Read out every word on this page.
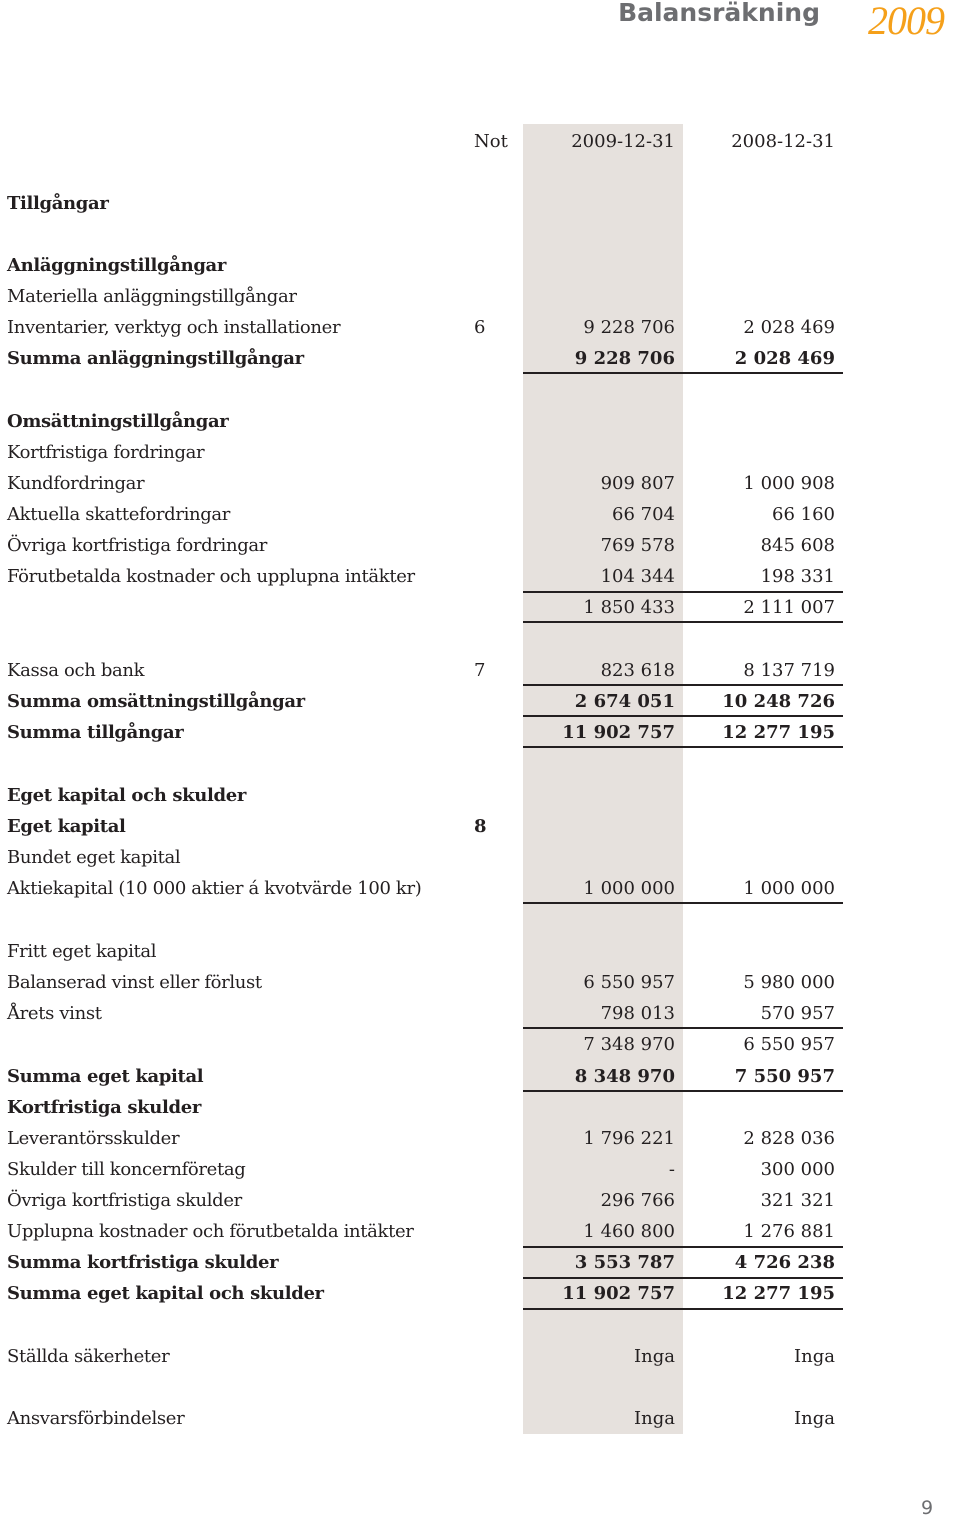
Balansräkning 2009
Not	2009-12-31	2008-12-31
Tillgångar
Anläggningstillgångar
Materiella anläggningstillgångar
Inventarier, verktyg och installationer	6	9 228 706	2 028 469
Summa anläggningstillgångar	9 228 706	2 028 469
Omsättningstillgångar
Kortfristiga fordringar
Kundfordringar	909 807	1 000 908
Aktuella skattefordringar	66 704	66 160
Övriga kortfristiga fordringar	769 578	845 608
Förutbetalda kostnader och upplupna intäkter	104 344	198 331
1 850 433	2 111 007
Kassa och bank	7	823 618	8 137 719
Summa omsättningstillgångar	2 674 051	10 248 726
Summa tillgångar	11 902 757	12 277 195
Eget kapital och skulder
Eget kapital	8
Bundet eget kapital
Aktiekapital (10 000 aktier á kvotvärde 100 kr)	1 000 000	1 000 000
Fritt eget kapital
Balanserad vinst eller förlust	6 550 957	5 980 000
Årets vinst	798 013	570 957
7 348 970	6 550 957
Summa eget kapital	8 348 970	7 550 957
Kortfristiga skulder
Leverantörsskulder	1 796 221	2 828 036
Skulder till koncernföretag	-	300 000
Övriga kortfristiga skulder	296 766	321 321
Upplupna kostnader och förutbetalda intäkter	1 460 800	1 276 881
Summa kortfristiga skulder	3 553 787	4 726 238
Summa eget kapital och skulder	11 902 757	12 277 195
Ställda säkerheter	Inga	Inga
Ansvarsförbindelser	Inga	Inga
9
